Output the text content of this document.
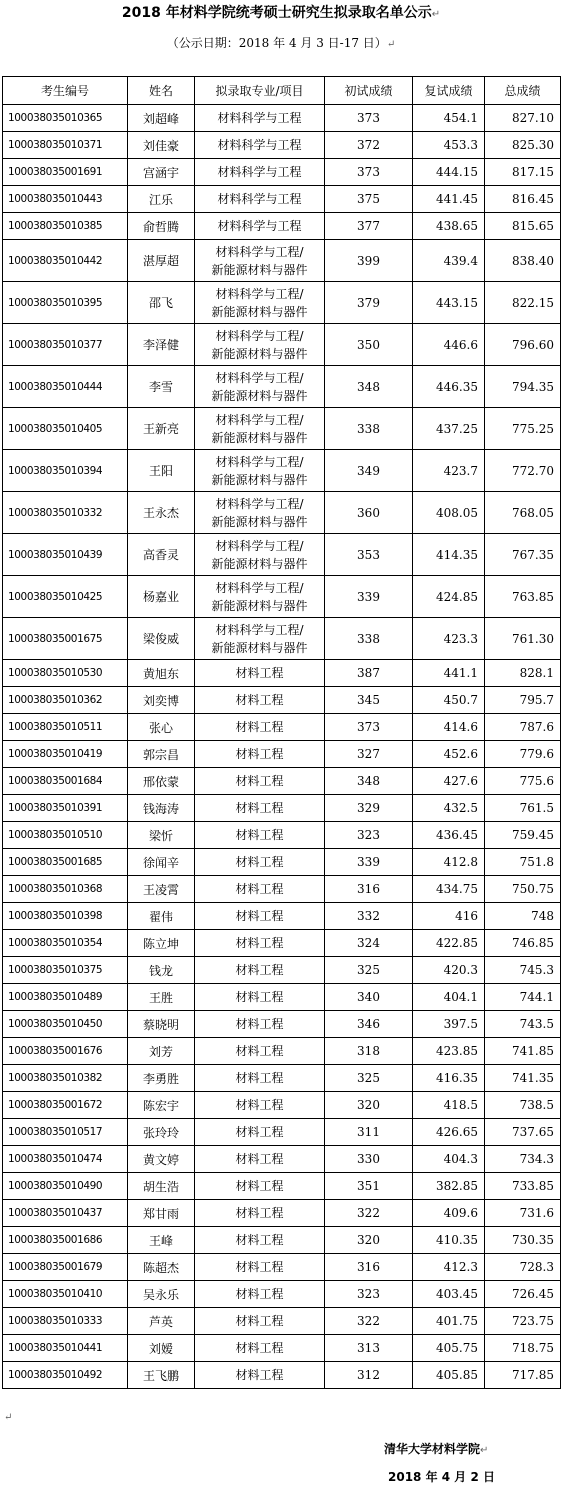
2018 年材料学院统考硕士研究生拟录取名单公示↵
（公示日期：2018 年 4 月 3 日-17 日）↵
考生编号	姓名	拟录取专业/项目	初试成绩	复试成绩	总成绩
100038035010365	刘超峰	材料科学与工程	373	454.1	827.10
100038035010371	刘佳豪	材料科学与工程	372	453.3	825.30
100038035001691	宫涵宇	材料科学与工程	373	444.15	817.15
100038035010443	江乐	材料科学与工程	375	441.45	816.45
100038035010385	俞哲腾	材料科学与工程	377	438.65	815.65
100038035010442	湛厚超	材料科学与工程/
新能源材料与器件	399	439.4	838.40
100038035010395	邵飞	材料科学与工程/
新能源材料与器件	379	443.15	822.15
100038035010377	李泽健	材料科学与工程/
新能源材料与器件	350	446.6	796.60
100038035010444	李雪	材料科学与工程/
新能源材料与器件	348	446.35	794.35
100038035010405	王新亮	材料科学与工程/
新能源材料与器件	338	437.25	775.25
100038035010394	王阳	材料科学与工程/
新能源材料与器件	349	423.7	772.70
100038035010332	王永杰	材料科学与工程/
新能源材料与器件	360	408.05	768.05
100038035010439	高香灵	材料科学与工程/
新能源材料与器件	353	414.35	767.35
100038035010425	杨嘉业	材料科学与工程/
新能源材料与器件	339	424.85	763.85
100038035001675	梁俊威	材料科学与工程/
新能源材料与器件	338	423.3	761.30
100038035010530	黄旭东	材料工程	387	441.1	828.1
100038035010362	刘奕博	材料工程	345	450.7	795.7
100038035010511	张心	材料工程	373	414.6	787.6
100038035010419	郭宗昌	材料工程	327	452.6	779.6
100038035001684	邢依蒙	材料工程	348	427.6	775.6
100038035010391	钱海涛	材料工程	329	432.5	761.5
100038035010510	梁忻	材料工程	323	436.45	759.45
100038035001685	徐闻辛	材料工程	339	412.8	751.8
100038035010368	王凌霄	材料工程	316	434.75	750.75
100038035010398	翟伟	材料工程	332	416	748
100038035010354	陈立坤	材料工程	324	422.85	746.85
100038035010375	钱龙	材料工程	325	420.3	745.3
100038035010489	王胜	材料工程	340	404.1	744.1
100038035010450	蔡晓明	材料工程	346	397.5	743.5
100038035001676	刘芳	材料工程	318	423.85	741.85
100038035010382	李勇胜	材料工程	325	416.35	741.35
100038035001672	陈宏宇	材料工程	320	418.5	738.5
100038035010517	张玲玲	材料工程	311	426.65	737.65
100038035010474	黄文婷	材料工程	330	404.3	734.3
100038035010490	胡生浩	材料工程	351	382.85	733.85
100038035010437	郑甘雨	材料工程	322	409.6	731.6
100038035001686	王峰	材料工程	320	410.35	730.35
100038035001679	陈超杰	材料工程	316	412.3	728.3
100038035010410	吴永乐	材料工程	323	403.45	726.45
100038035010333	芦英	材料工程	322	401.75	723.75
100038035010441	刘嫒	材料工程	313	405.75	718.75
100038035010492	王飞鹏	材料工程	312	405.85	717.85
↵
清华大学材料学院↵
2018 年 4 月 2 日
